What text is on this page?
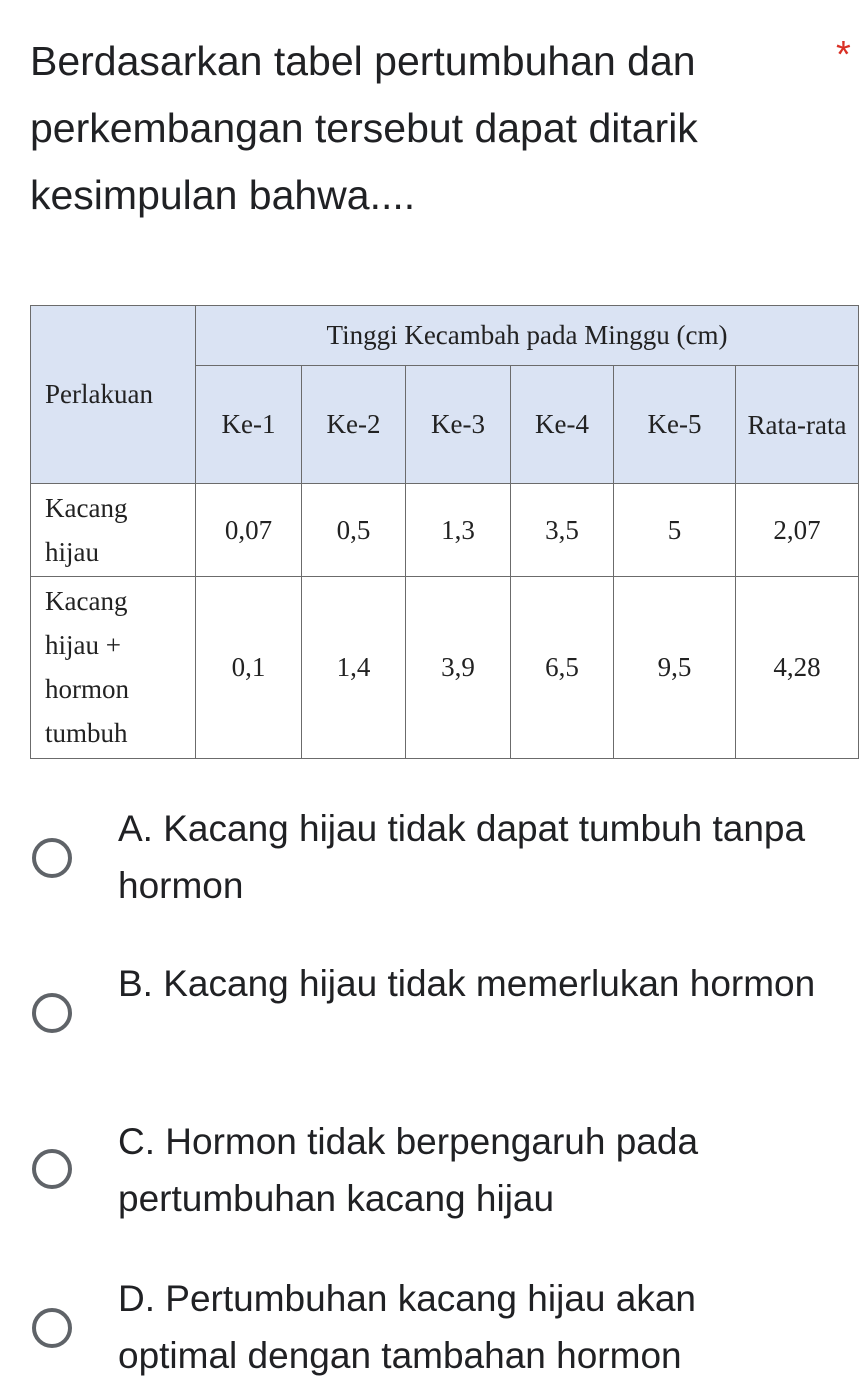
Berdasarkan tabel pertumbuhan dan perkembangan tersebut dapat ditarik kesimpulan bahwa....

*
Perlakuan	Tinggi Kecambah pada Minggu (cm)					
	Ke-1	Ke-2	Ke-3	Ke-4	Ke-5	Rata-rata
Kacang hijau	0,07	0,5	1,3	3,5	5	2,07
Kacang hijau + hormon tumbuh	0,1	1,4	3,9	6,5	9,5	4,28
A. Kacang hijau tidak dapat tumbuh tanpa hormon
B. Kacang hijau tidak memerlukan hormon
C. Hormon tidak berpengaruh pada pertumbuhan kacang hijau
D. Pertumbuhan kacang hijau akan optimal dengan tambahan hormon
